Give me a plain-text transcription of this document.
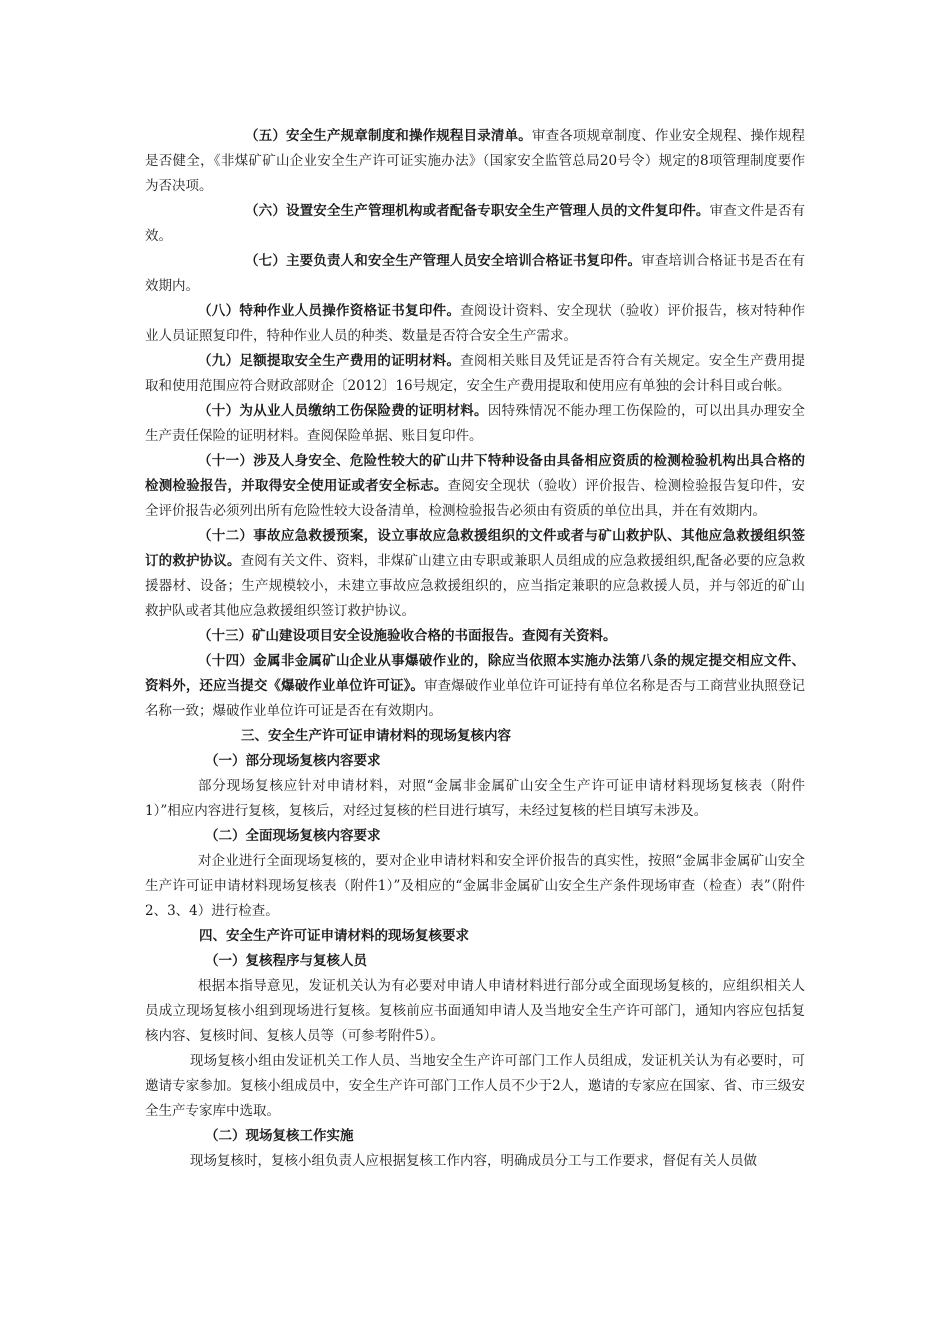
（五）安全生产规章制度和操作规程目录清单。审查各项规章制度、作业安全规程、操作规程是否健全，《非煤矿矿山企业安全生产许可证实施办法》（国家安全监管总局20号令）规定的8项管理制度要作为否决项。

（六）设置安全生产管理机构或者配备专职安全生产管理人员的文件复印件。审查文件是否有效。

（七）主要负责人和安全生产管理人员安全培训合格证书复印件。审查培训合格证书是否在有效期内。

（八）特种作业人员操作资格证书复印件。查阅设计资料、安全现状（验收）评价报告，核对特种作业人员证照复印件，特种作业人员的种类、数量是否符合安全生产需求。

（九）足额提取安全生产费用的证明材料。查阅相关账目及凭证是否符合有关规定。安全生产费用提取和使用范围应符合财政部财企〔2012〕16号规定，安全生产费用提取和使用应有单独的会计科目或台帐。

（十）为从业人员缴纳工伤保险费的证明材料。因特殊情况不能办理工伤保险的，可以出具办理安全生产责任保险的证明材料。查阅保险单据、账目复印件。

（十一）涉及人身安全、危险性较大的矿山井下特种设备由具备相应资质的检测检验机构出具合格的检测检验报告，并取得安全使用证或者安全标志。查阅安全现状（验收）评价报告、检测检验报告复印件，安全评价报告必须列出所有危险性较大设备清单，检测检验报告必须由有资质的单位出具，并在有效期内。

（十二）事故应急救援预案，设立事故应急救援组织的文件或者与矿山救护队、其他应急救援组织签订的救护协议。查阅有关文件、资料，非煤矿山建立由专职或兼职人员组成的应急救援组织,配备必要的应急救援器材、设备；生产规模较小，未建立事故应急救援组织的，应当指定兼职的应急救援人员，并与邻近的矿山救护队或者其他应急救援组织签订救护协议。

（十三）矿山建设项目安全设施验收合格的书面报告。查阅有关资料。

（十四）金属非金属矿山企业从事爆破作业的，除应当依照本实施办法第八条的规定提交相应文件、资料外，还应当提交《爆破作业单位许可证》。审查爆破作业单位许可证持有单位名称是否与工商营业执照登记名称一致；爆破作业单位许可证是否在有效期内。

三、安全生产许可证申请材料的现场复核内容

（一）部分现场复核内容要求

部分现场复核应针对申请材料，对照“金属非金属矿山安全生产许可证申请材料现场复核表（附件1）”相应内容进行复核，复核后，对经过复核的栏目进行填写，未经过复核的栏目填写未涉及。

（二）全面现场复核内容要求

对企业进行全面现场复核的，要对企业申请材料和安全评价报告的真实性，按照“金属非金属矿山安全生产许可证申请材料现场复核表（附件1）”及相应的“金属非金属矿山安全生产条件现场审查（检查）表”（附件2、3、4）进行检查。

四、安全生产许可证申请材料的现场复核要求

（一）复核程序与复核人员

根据本指导意见，发证机关认为有必要对申请人申请材料进行部分或全面现场复核的，应组织相关人员成立现场复核小组到现场进行复核。复核前应书面通知申请人及当地安全生产许可部门，通知内容应包括复核内容、复核时间、复核人员等（可参考附件5）。

现场复核小组由发证机关工作人员、当地安全生产许可部门工作人员组成，发证机关认为有必要时，可邀请专家参加。复核小组成员中，安全生产许可部门工作人员不少于2人，邀请的专家应在国家、省、市三级安全生产专家库中选取。

（二）现场复核工作实施

现场复核时，复核小组负责人应根据复核工作内容，明确成员分工与工作要求，督促有关人员做
